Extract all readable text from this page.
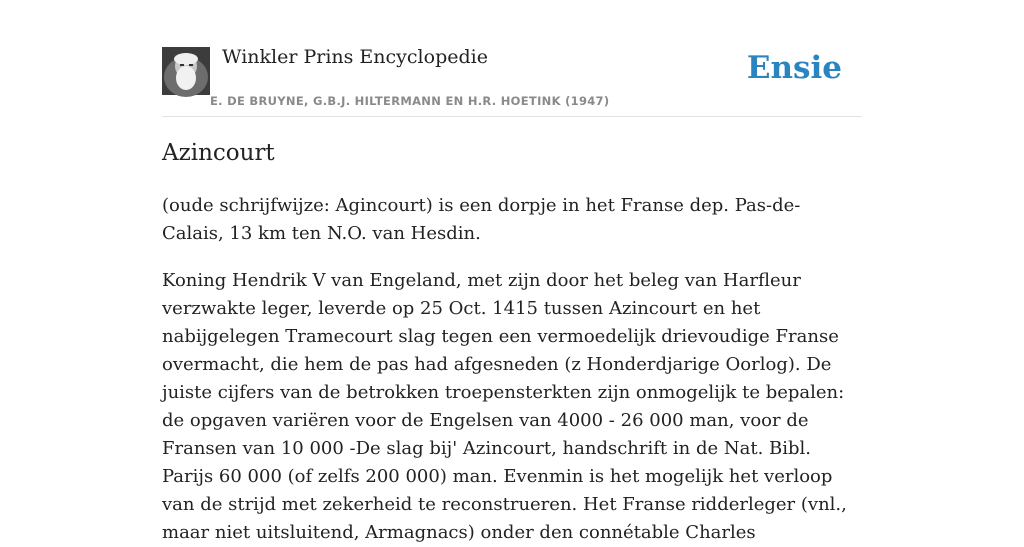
Winkler Prins Encyclopedie
E. DE BRUYNE, G.B.J. HILTERMANN EN H.R. HOETINK (1947)
Ensie
Azincourt

(oude schrijfwijze: Agincourt) is een dorpje in het Franse dep. Pas-de-Calais, 13 km ten N.O. van Hesdin.

Koning Hendrik V van Engeland, met zijn door het beleg van Harfleur verzwakte leger, leverde op 25 Oct. 1415 tussen Azincourt en het nabijgelegen Tramecourt slag tegen een vermoedelijk drievoudige Franse overmacht, die hem de pas had afgesneden (z Honderdjarige Oorlog). De juiste cijfers van de betrokken troepensterkten zijn onmogelijk te bepalen: de opgaven variëren voor de Engelsen van 4000 - 26 000 man, voor de Fransen van 10 000 -De slag bij' Azincourt, handschrift in de Nat. Bibl. Parijs 60 000 (of zelfs 200 000) man. Evenmin is het mogelijk het verloop van de strijd met zekerheid te reconstrueren. Het Franse ridderleger (vnl., maar niet uitsluitend, Armagnacs) onder den connétable Charles
